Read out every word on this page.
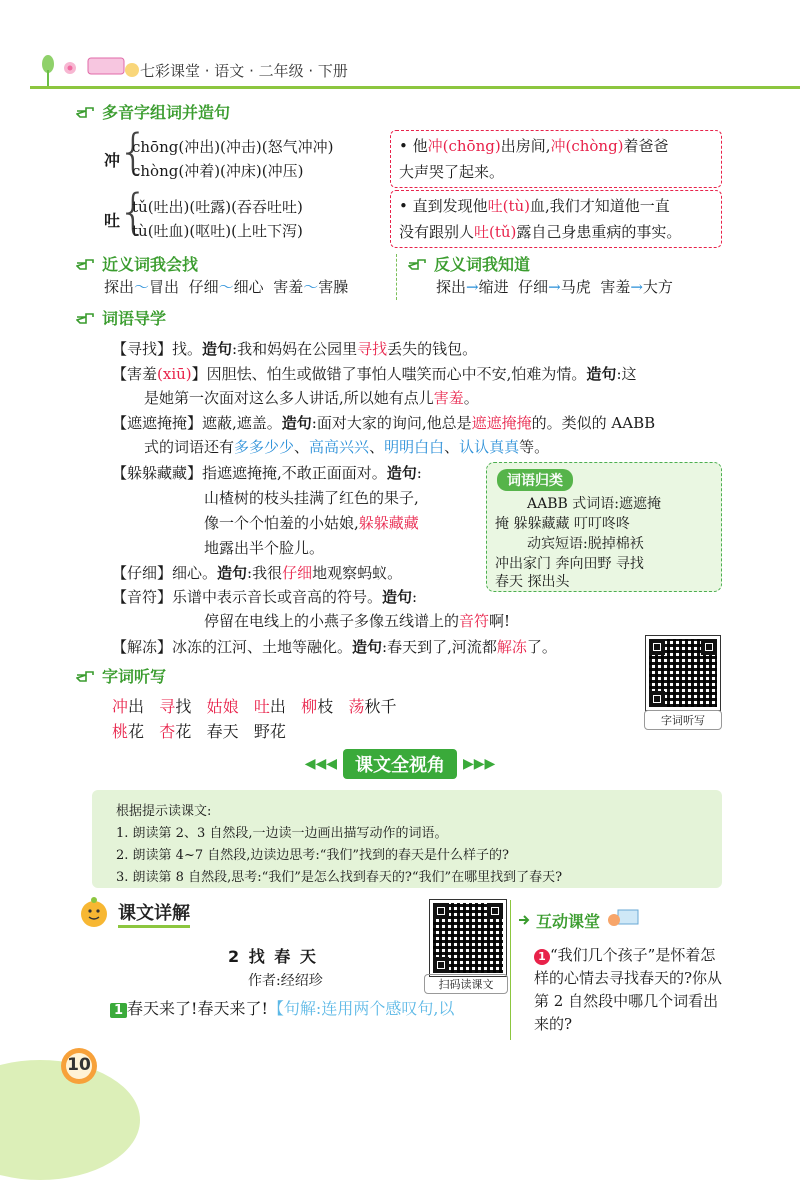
七彩课堂 · 语文 · 二年级 · 下册
多音字组词并造句
冲
{
chōng(冲出)(冲击)(怒气冲冲)
chòng(冲着)(冲床)(冲压)
• 他冲(chōng)出房间,冲(chòng)着爸爸
大声哭了起来。
吐
{
tǔ(吐出)(吐露)(吞吞吐吐)
tù(吐血)(呕吐)(上吐下泻)
• 直到发现他吐(tù)血,我们才知道他一直
没有跟别人吐(tǔ)露自己身患重病的事实。
近义词我会找
探出～冒出 仔细～细心 害羞～害臊
反义词我知道
探出→缩进 仔细→马虎 害羞→大方
词语导学
【寻找】找。造句:我和妈妈在公园里寻找丢失的钱包。
【害羞(xiū)】因胆怯、怕生或做错了事怕人嗤笑而心中不安,怕难为情。造句:这
是她第一次面对这么多人讲话,所以她有点儿害羞。
【遮遮掩掩】遮蔽,遮盖。造句:面对大家的询问,他总是遮遮掩掩的。类似的 AABB
式的词语还有多多少少、高高兴兴、明明白白、认认真真等。
【躲躲藏藏】指遮遮掩掩,不敢正面面对。造句:
山楂树的枝头挂满了红色的果子,
像一个个怕羞的小姑娘,躲躲藏藏
地露出半个脸儿。
【仔细】细心。造句:我很仔细地观察蚂蚁。
【音符】乐谱中表示音长或音高的符号。造句:
停留在电线上的小燕子多像五线谱上的音符啊!
【解冻】冰冻的江河、土地等融化。造句:春天到了,河流都解冻了。
词语归类
AABB 式词语:遮遮掩
掩 躲躲藏藏 叮叮咚咚
动宾短语:脱掉棉袄
冲出家门 奔向田野 寻找
春天 探出头
字词听写
冲出 寻找 姑娘 吐出 柳枝 荡秋千
桃花 杏花 春天 野花
字词听写
◀◀◀	课文全视角	▶▶▶
根据提示读课文:
1. 朗读第 2、3 自然段,一边读一边画出描写动作的词语。
2. 朗读第 4~7 自然段,边读边思考:“我们”找到的春天是什么样子的?
3. 朗读第 8 自然段,思考:“我们”是怎么找到春天的?“我们”在哪里找到了春天?
课文详解
2 找 春 天
作者:经绍珍
1 春天来了!春天来了!【句解:连用两个感叹句,以
扫码读课文
互动课堂
1 “我们几个孩子”是怀着怎样的心情去寻找春天的?你从第 2 自然段中哪几个词看出来的?
10
